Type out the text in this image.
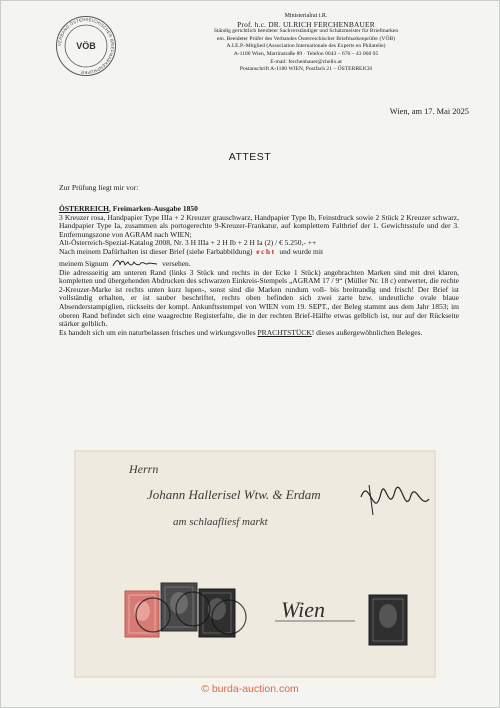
VERBAND ÖSTERREICHISCHER BRIEFMARKENPRÜFER
VÖB
Ministerialrat i.R.
Prof. h.c. DR. ULRICH FERCHENBAUER
Ständig gerichtlich beeideter Sachverständiger und Schätzmeister für Briefmarken
em. Beeideter Prüfer des Verbandes Österreichischer Briefmarkenprüfer (VÖB)
A.I.E.P.-Mitglied (Association Internationale des Experts en Philatelie)
A-1180 Wien, Martinstraße 89 · Telefon 0043 – 676 – 43 060 95
E-mail: ferchenbauer@chello.at
Postanschrift A-1180 WIEN, Postfach 21 – ÖSTERREICH
Wien, am 17. Mai 2025
ATTEST
Zur Prüfung liegt mir vor:

ÖSTERREICH, Freimarken-Ausgabe 1850

3 Kreuzer rosa, Handpapier Type IIIa + 2 Kreuzer grauschwarz, Handpapier Type Ib, Feinstdruck sowie 2 Stück 2 Kreuzer schwarz, Handpapier Type Ia, zusammen als portogerechte 9-Kreuzer-Frankatur, auf komplettem Faltbrief der 1. Gewichtsstufe und der 3. Entfernungszone von AGRAM nach WIEN;

Alt-Österreich-Spezial-Katalog 2008, Nr. 3 H IIIa + 2 H Ib + 2 H Ia (2) / € 5.250,- ++

Nach meinem Dafürhalten ist dieser Brief (siehe Farbabbildung) echt und wurde mit

meinem Signum	versehen.

Die adressseitig am unteren Rand (links 3 Stück und rechts in der Ecke 1 Stück) angebrachten Marken sind mit drei klaren, kompletten und übergehenden Abdrucken des schwarzen Einkreis-Stempels „AGRAM 17 / 9“ (Müller Nr. 18 c) entwertet, die rechte 2-Kreuzer-Marke ist rechts unten kurz lupen-, sonst sind die Marken rundum voll- bis breitrandig und frisch! Der Brief ist vollständig erhalten, er ist sauber beschriftet, rechts oben befinden sich zwei zarte bzw. undeutliche ovale blaue Absenderstampiglien, rückseits der kompl. Ankunftsstempel von WIEN vom 19. SEPT., der Beleg stammt aus dem Jahr 1853; im oberen Rand befindet sich eine waagrechte Registerfalte, die in der rechten Brief-Hälfte etwas gelblich ist, nur auf der Rückseite stärker gelblich.

Es handelt sich um ein naturbelassen frisches und wirkungsvolles PRACHTSTÜCK! dieses außergewöhnlichen Beleges.

Herrn
Johann Hallerisel Wtw. & Erdam
am schlaafliesf markt
Wien
© burda-auction.com
